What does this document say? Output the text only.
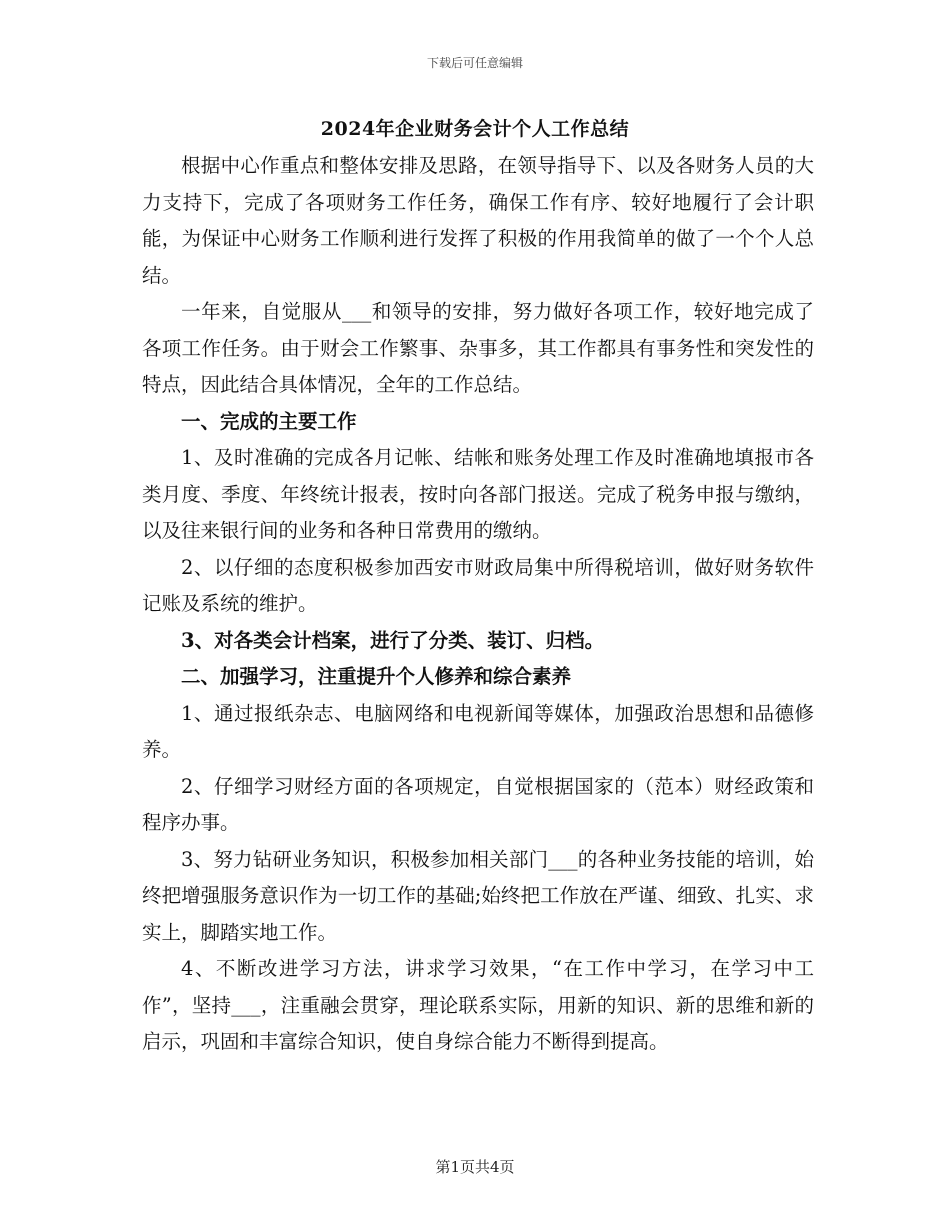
下载后可任意编辑
2024年企业财务会计个人工作总结

根据中心作重点和整体安排及思路，在领导指导下、以及各财务人员的大力支持下，完成了各项财务工作任务，确保工作有序、较好地履行了会计职能，为保证中心财务工作顺利进行发挥了积极的作用我简单的做了一个个人总结。

一年来，自觉服从___和领导的安排，努力做好各项工作，较好地完成了各项工作任务。由于财会工作繁事、杂事多，其工作都具有事务性和突发性的特点，因此结合具体情况，全年的工作总结。

一、完成的主要工作

1、及时准确的完成各月记帐、结帐和账务处理工作及时准确地填报市各类月度、季度、年终统计报表，按时向各部门报送。完成了税务申报与缴纳，以及往来银行间的业务和各种日常费用的缴纳。

2、以仔细的态度积极参加西安市财政局集中所得税培训，做好财务软件记账及系统的维护。

3、对各类会计档案，进行了分类、装订、归档。

二、加强学习，注重提升个人修养和综合素养

1、通过报纸杂志、电脑网络和电视新闻等媒体，加强政治思想和品德修养。

2、仔细学习财经方面的各项规定，自觉根据国家的（范本）财经政策和程序办事。

3、努力钻研业务知识，积极参加相关部门___的各种业务技能的培训，始终把增强服务意识作为一切工作的基础;始终把工作放在严谨、细致、扎实、求实上，脚踏实地工作。

4、不断改进学习方法，讲求学习效果，“在工作中学习，在学习中工作”，坚持___，注重融会贯穿，理论联系实际，用新的知识、新的思维和新的启示，巩固和丰富综合知识，使自身综合能力不断得到提高。

第1页共4页
